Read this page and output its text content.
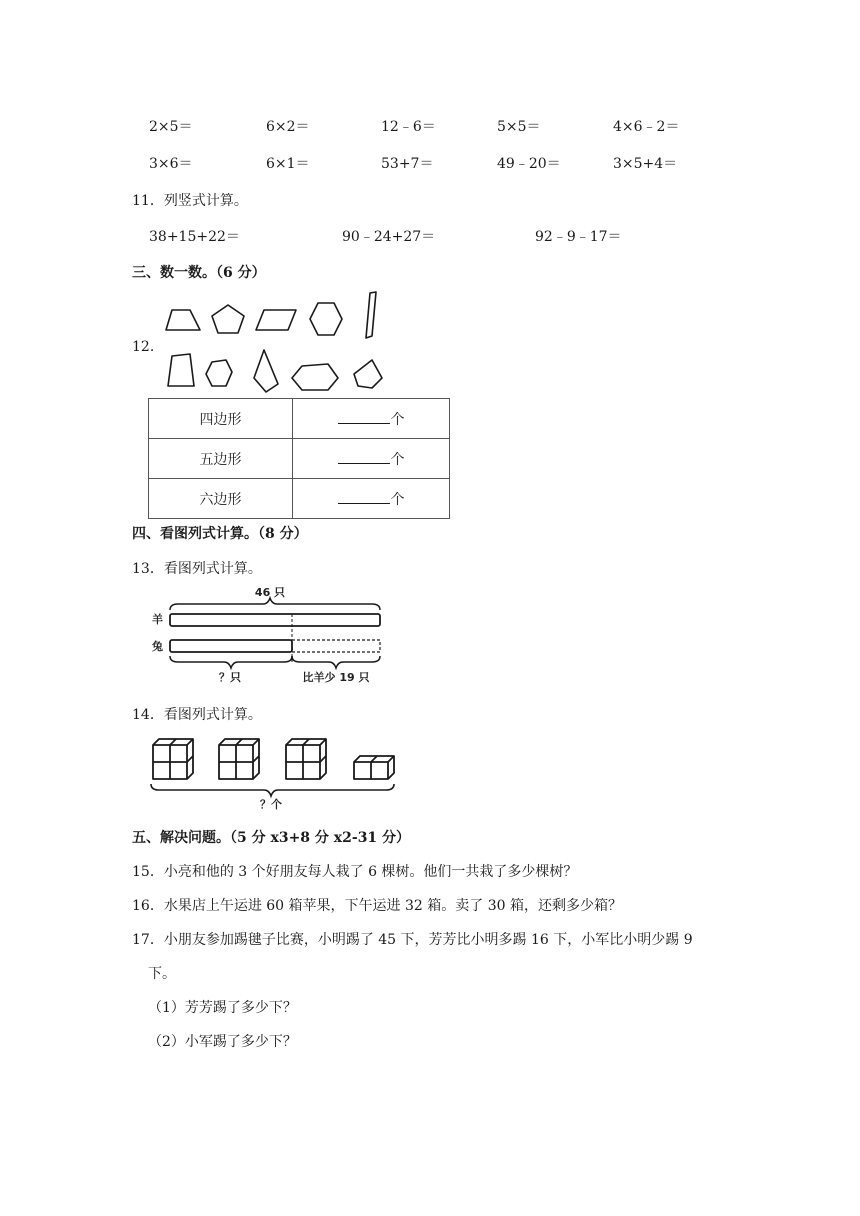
2×5＝	6×2＝	12﹣6＝	5×5＝	4×6﹣2＝
3×6＝	6×1＝	53+7＝	49﹣20＝	3×5+4＝
11．列竖式计算。
38+15+22＝	90﹣24+27＝	92﹣9﹣17＝
三、数一数。（6 分）
12．
四边形	个
五边形	个
六边形	个
四、看图列式计算。（8 分）
13．看图列式计算。
46 只
羊
兔
？只	比羊少 19 只
14．看图列式计算。
？个
五、解决问题。（5 分 x3+8 分 x2-31 分）
15．小亮和他的 3 个好朋友每人栽了 6 棵树。他们一共栽了多少棵树？
16．水果店上午运进 60 箱苹果，下午运进 32 箱。卖了 30 箱，还剩多少箱？
17．小朋友参加踢毽子比赛，小明踢了 45 下，芳芳比小明多踢 16 下，小军比小明少踢 9
下。
（1）芳芳踢了多少下？
（2）小军踢了多少下？
